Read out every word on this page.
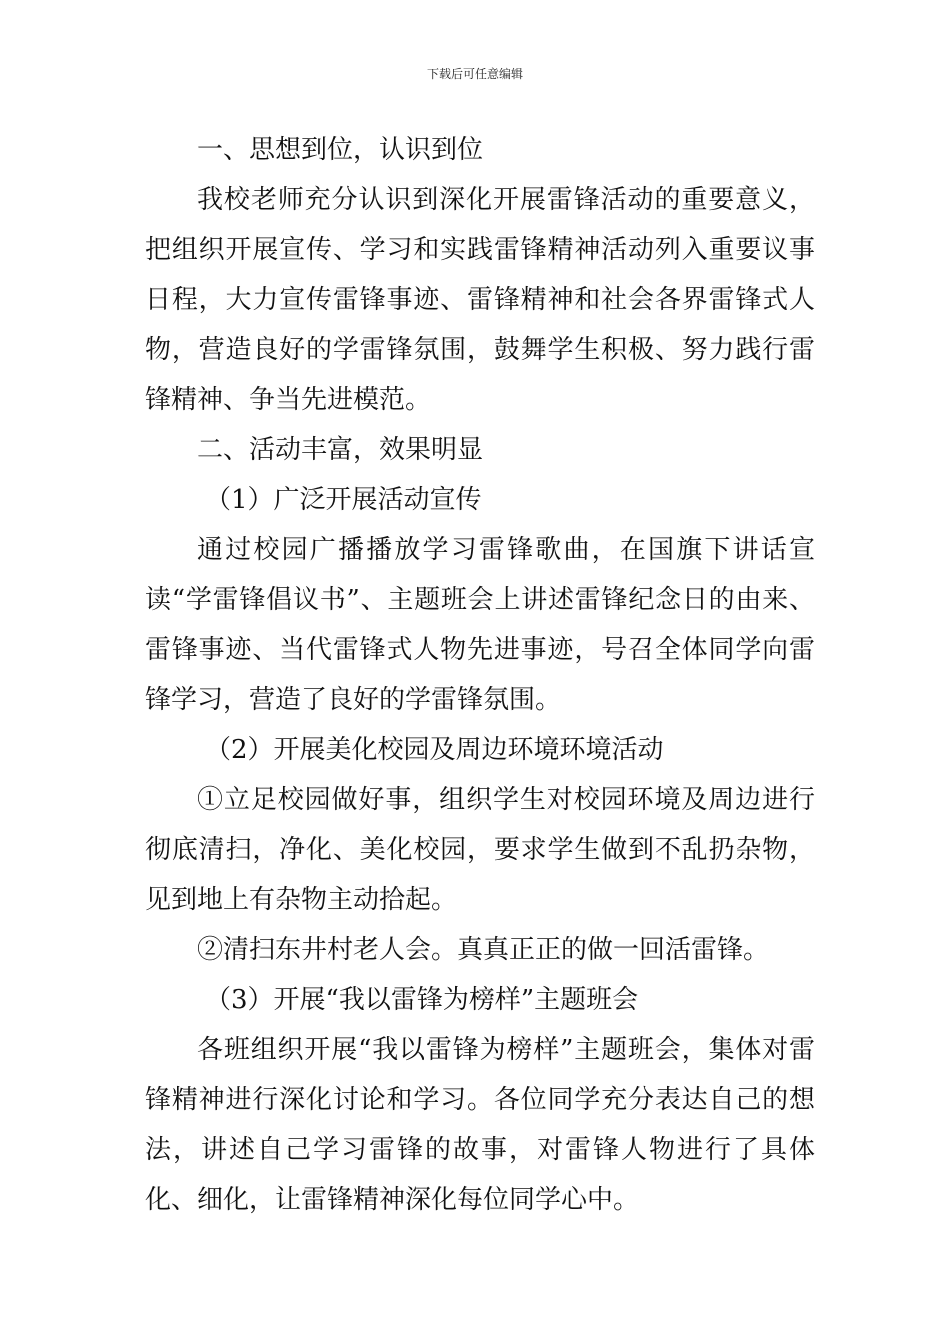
下载后可任意编辑

一、思想到位，认识到位

我校老师充分认识到深化开展雷锋活动的重要意义，把组织开展宣传、学习和实践雷锋精神活动列入重要议事日程，大力宣传雷锋事迹、雷锋精神和社会各界雷锋式人物，营造良好的学雷锋氛围，鼓舞学生积极、努力践行雷锋精神、争当先进模范。

二、活动丰富，效果明显

（1）广泛开展活动宣传

通过校园广播播放学习雷锋歌曲，在国旗下讲话宣读“学雷锋倡议书”、主题班会上讲述雷锋纪念日的由来、雷锋事迹、当代雷锋式人物先进事迹，号召全体同学向雷锋学习，营造了良好的学雷锋氛围。

（2）开展美化校园及周边环境环境活动

①立足校园做好事，组织学生对校园环境及周边进行彻底清扫，净化、美化校园，要求学生做到不乱扔杂物，见到地上有杂物主动拾起。

②清扫东井村老人会。真真正正的做一回活雷锋。

（3）开展“我以雷锋为榜样”主题班会

各班组织开展“我以雷锋为榜样”主题班会，集体对雷锋精神进行深化讨论和学习。各位同学充分表达自己的想法，讲述自己学习雷锋的故事，对雷锋人物进行了具体化、细化，让雷锋精神深化每位同学心中。
